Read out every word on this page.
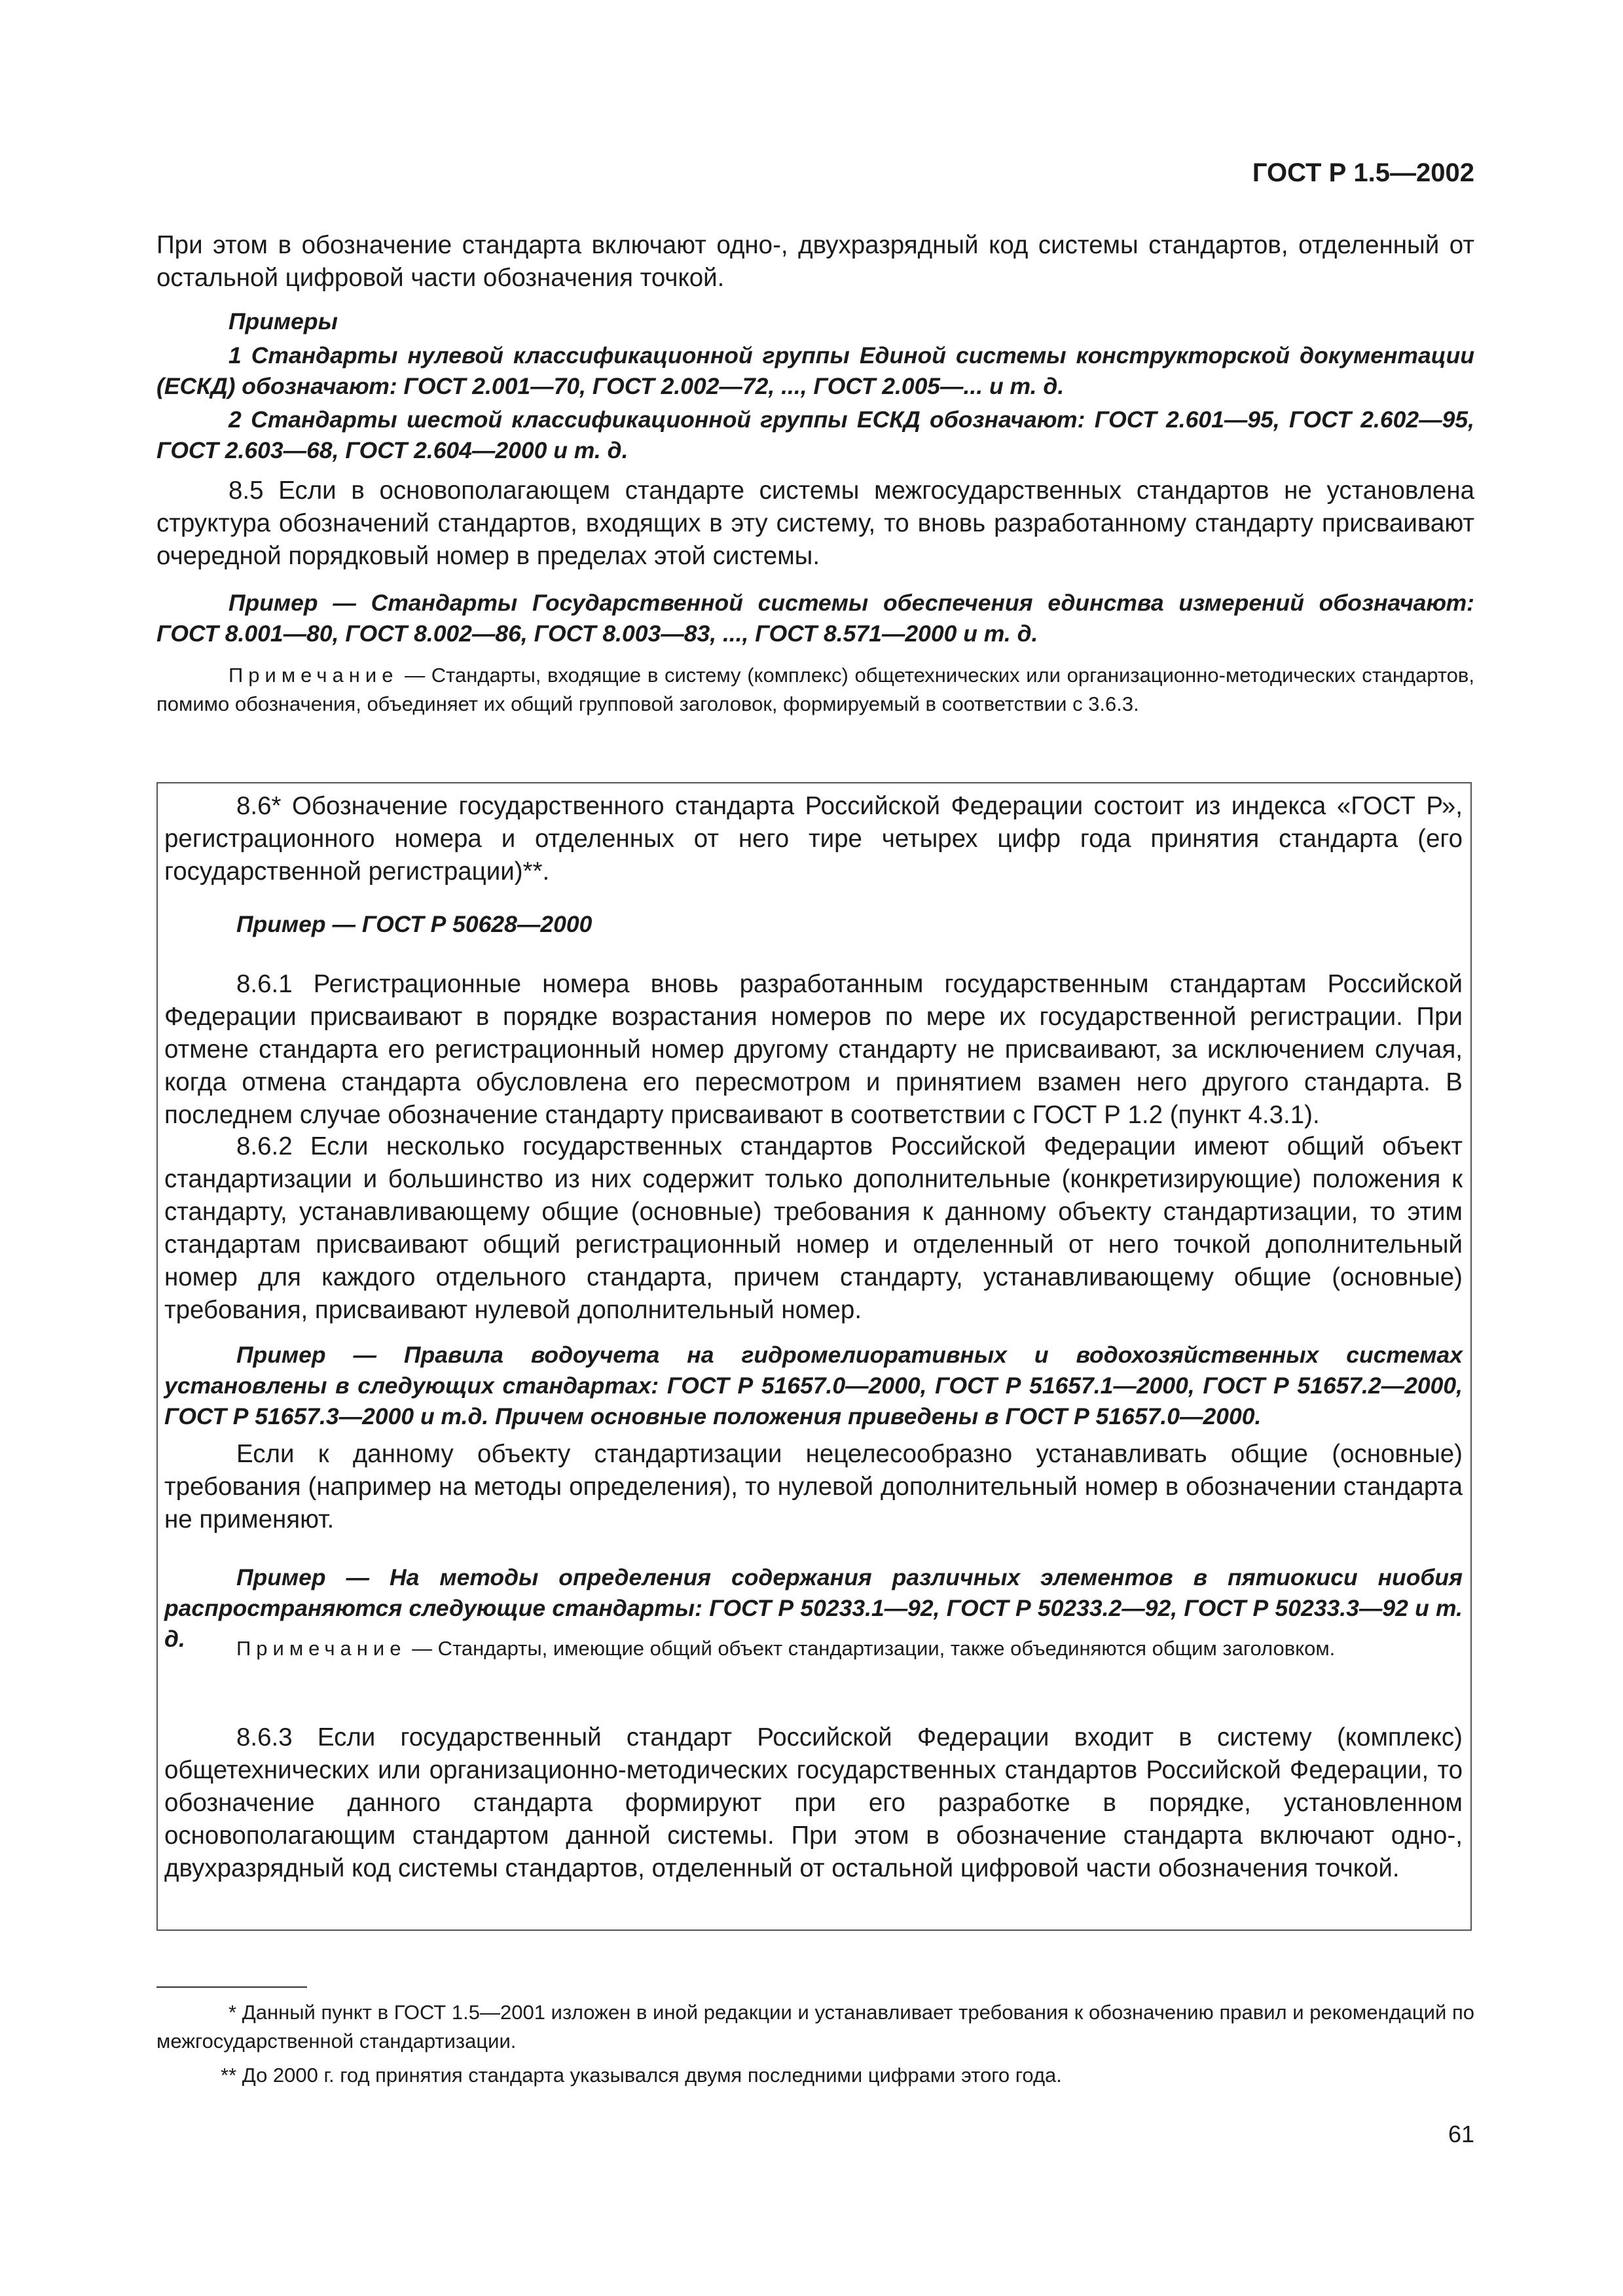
ГОСТ Р 1.5—2002

При этом в обозначение стандарта включают одно-, двухразрядный код системы стандартов, отделенный от остальной цифровой части обозначения точкой.

Примеры

1 Стандарты нулевой классификационной группы Единой системы конструкторской документации (ЕСКД) обозначают: ГОСТ 2.001—70, ГОСТ 2.002—72, ..., ГОСТ 2.005—... и т. д.

2 Стандарты шестой классификационной группы ЕСКД обозначают: ГОСТ 2.601—95, ГОСТ 2.602—95, ГОСТ 2.603—68, ГОСТ 2.604—2000 и т. д.

8.5 Если в основополагающем стандарте системы межгосударственных стандартов не установлена структура обозначений стандартов, входящих в эту систему, то вновь разработанному стандарту присваивают очередной порядковый номер в пределах этой системы.

Пример — Стандарты Государственной системы обеспечения единства измерений обозначают: ГОСТ 8.001—80, ГОСТ 8.002—86, ГОСТ 8.003—83, ..., ГОСТ 8.571—2000 и т. д.

Примечание — Стандарты, входящие в систему (комплекс) общетехнических или организационно-методических стандартов, помимо обозначения, объединяет их общий групповой заголовок, формируемый в соответствии с 3.6.3.

8.6* Обозначение государственного стандарта Российской Федерации состоит из индекса «ГОСТ Р», регистрационного номера и отделенных от него тире четырех цифр года принятия стандарта (его государственной регистрации)**.

Пример — ГОСТ Р 50628—2000

8.6.1 Регистрационные номера вновь разработанным государственным стандартам Российской Федерации присваивают в порядке возрастания номеров по мере их государственной регистрации. При отмене стандарта его регистрационный номер другому стандарту не присваивают, за исключением случая, когда отмена стандарта обусловлена его пересмотром и принятием взамен него другого стандарта. В последнем случае обозначение стандарту присваивают в соответствии с ГОСТ Р 1.2 (пункт 4.3.1).

8.6.2 Если несколько государственных стандартов Российской Федерации имеют общий объект стандартизации и большинство из них содержит только дополнительные (конкретизирующие) положения к стандарту, устанавливающему общие (основные) требования к данному объекту стандартизации, то этим стандартам присваивают общий регистрационный номер и отделенный от него точкой дополнительный номер для каждого отдельного стандарта, причем стандарту, устанавливающему общие (основные) требования, присваивают нулевой дополнительный номер.

Пример — Правила водоучета на гидромелиоративных и водохозяйственных системах установлены в следующих стандартах: ГОСТ Р 51657.0—2000, ГОСТ Р 51657.1—2000, ГОСТ Р 51657.2—2000, ГОСТ Р 51657.3—2000 и т.д. Причем основные положения приведены в ГОСТ Р 51657.0—2000.

Если к данному объекту стандартизации нецелесообразно устанавливать общие (основные) требования (например на методы определения), то нулевой дополнительный номер в обозначении стандарта не применяют.

Пример — На методы определения содержания различных элементов в пятиокиси ниобия распространяются следующие стандарты: ГОСТ Р 50233.1—92, ГОСТ Р 50233.2—92, ГОСТ Р 50233.3—92 и т. д.	Примечание — Стандарты, имеющие общий объект стандартизации, также объединяются общим заголовком.

8.6.3 Если государственный стандарт Российской Федерации входит в систему (комплекс) общетехнических или организационно-методических государственных стандартов Российской Федерации, то обозначение данного стандарта формируют при его разработке в порядке, установленном основополагающим стандартом данной системы. При этом в обозначение стандарта включают одно-, двухразрядный код системы стандартов, отделенный от остальной цифровой части обозначения точкой.

* Данный пункт в ГОСТ 1.5—2001 изложен в иной редакции и устанавливает требования к обозначению правил и рекомендаций по межгосударственной стандартизации.

** До 2000 г. год принятия стандарта указывался двумя последними цифрами этого года.

61
